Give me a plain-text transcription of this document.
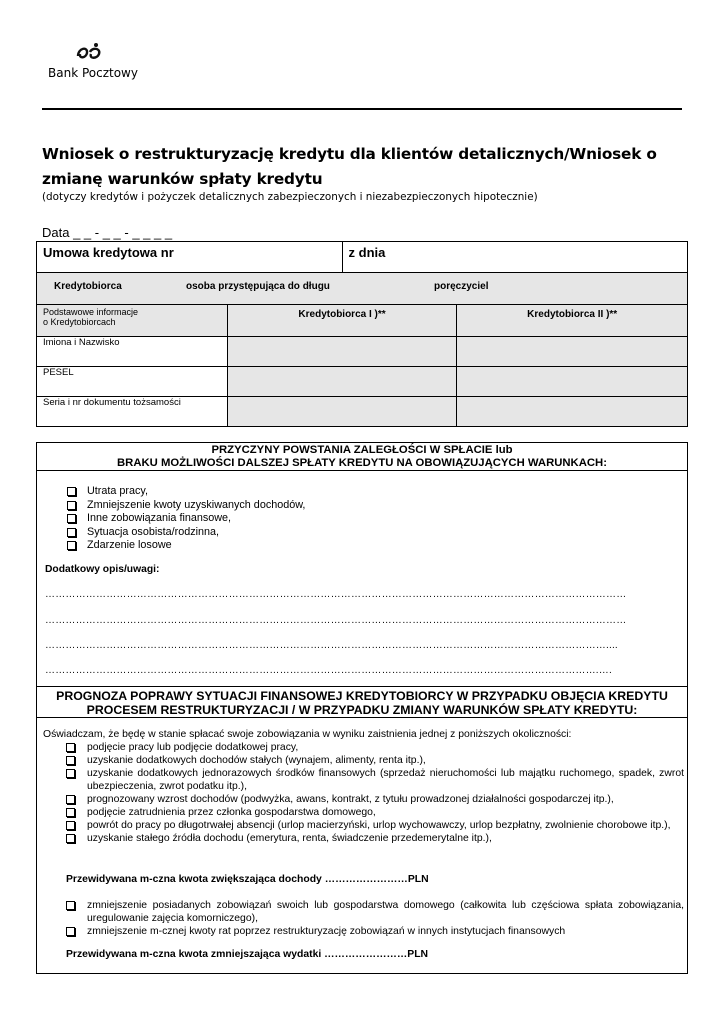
Bank Pocztowy
Wniosek o restrukturyzację kredytu dla klientów detalicznych/Wniosek o zmianę warunków spłaty kredytu
(dotyczy kredytów i pożyczek detalicznych zabezpieczonych i niezabezpieczonych hipotecznie)
Data _ _ - _ _ - _ _ _ _
Umowa kredytowa nr		z dnia	

Kredytobiorca osoba przystępująca do długu poręczyciel			

Podstawowe informacje
o Kredytobiorcach	Kredytobiorca I )**		Kredytobiorca II )**
Imiona i Nazwisko			
PESEL			
Seria i nr dokumentu tożsamości			
PRZYCZYNY POWSTANIA ZALEGŁOŚCI W SPŁACIE lub
BRAKU MOŻLIWOŚCI DALSZEJ SPŁATY KREDYTU NA OBOWIĄZUJĄCYCH WARUNKACH:
Utrata pracy,
Zmniejszenie kwoty uzyskiwanych dochodów,
Inne zobowiązania finansowe,
Sytuacja osobista/rodzinna,
Zdarzenie losowe
Dodatkowy opis/uwagi:
………………………………………………………………………………………………………………………………………………………
………………………………………………………………………………………………………………………………………………………
…………………………………………………………………………………………………………………………………………………....
……………………………………………………………………………………………………………………………………………….….
PROGNOZA POPRAWY SYTUACJI FINANSOWEJ KREDYTOBIORCY W PRZYPADKU OBJĘCIA KREDYTU
PROCESEM RESTRUKTURYZACJI / W PRZYPADKU ZMIANY WARUNKÓW SPŁATY KREDYTU:
Oświadczam, że będę w stanie spłacać swoje zobowiązania w wyniku zaistnienia jednej z poniższych okoliczności:
podjęcie pracy lub podjęcie dodatkowej pracy,
uzyskanie dodatkowych dochodów stałych (wynajem, alimenty, renta itp.),
uzyskanie dodatkowych jednorazowych środków finansowych (sprzedaż nieruchomości lub majątku ruchomego, spadek, zwrot ubezpieczenia, zwrot podatku itp.),
prognozowany wzrost dochodów (podwyżka, awans, kontrakt, z tytułu prowadzonej działalności gospodarczej itp.),
podjęcie zatrudnienia przez członka gospodarstwa domowego,
powrót do pracy po długotrwałej absencji (urlop macierzyński, urlop wychowawczy, urlop bezpłatny, zwolnienie chorobowe itp.),
uzyskanie stałego źródła dochodu (emerytura, renta, świadczenie przedemerytalne itp.),
Przewidywana m-czna kwota zwiększająca dochody ……………………PLN
zmniejszenie posiadanych zobowiązań swoich lub gospodarstwa domowego (całkowita lub częściowa spłata zobowiązania, uregulowanie zajęcia komorniczego),
zmniejszenie m-cznej kwoty rat poprzez restrukturyzację zobowiązań w innych instytucjach finansowych
Przewidywana m-czna kwota zmniejszająca wydatki ……………………PLN
